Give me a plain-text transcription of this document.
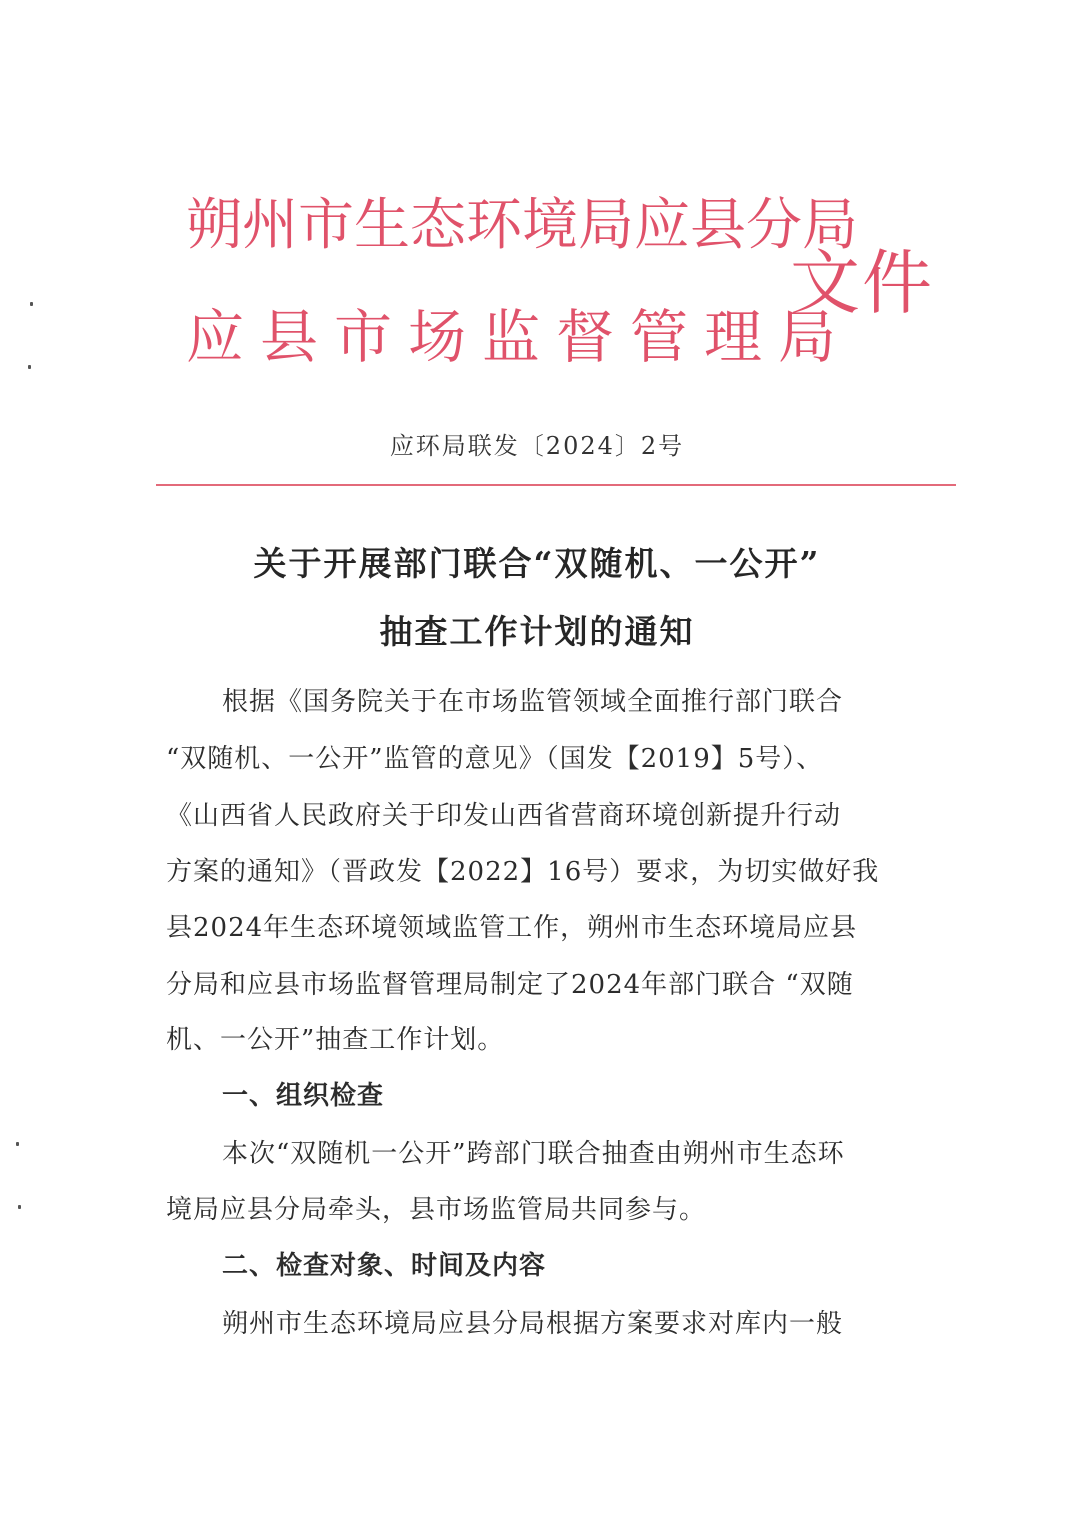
朔州市生态环境局应县分局
应县市场监督管理局
文件
应环局联发〔2024〕2号
关于开展部门联合“双随机、一公开”
抽查工作计划的通知
根据《国务院关于在市场监管领域全面推行部门联合
“双随机、一公开”监管的意见》（国发【2019】5号）、
《山西省人民政府关于印发山西省营商环境创新提升行动
方案的通知》（晋政发【2022】16号）要求，为切实做好我
县2024年生态环境领域监管工作，朔州市生态环境局应县
分局和应县市场监督管理局制定了2024年部门联合 “双随
机、一公开”抽查工作计划。
一、组织检查
本次“双随机一公开”跨部门联合抽查由朔州市生态环
境局应县分局牵头，县市场监管局共同参与。
二、检查对象、时间及内容
朔州市生态环境局应县分局根据方案要求对库内一般
